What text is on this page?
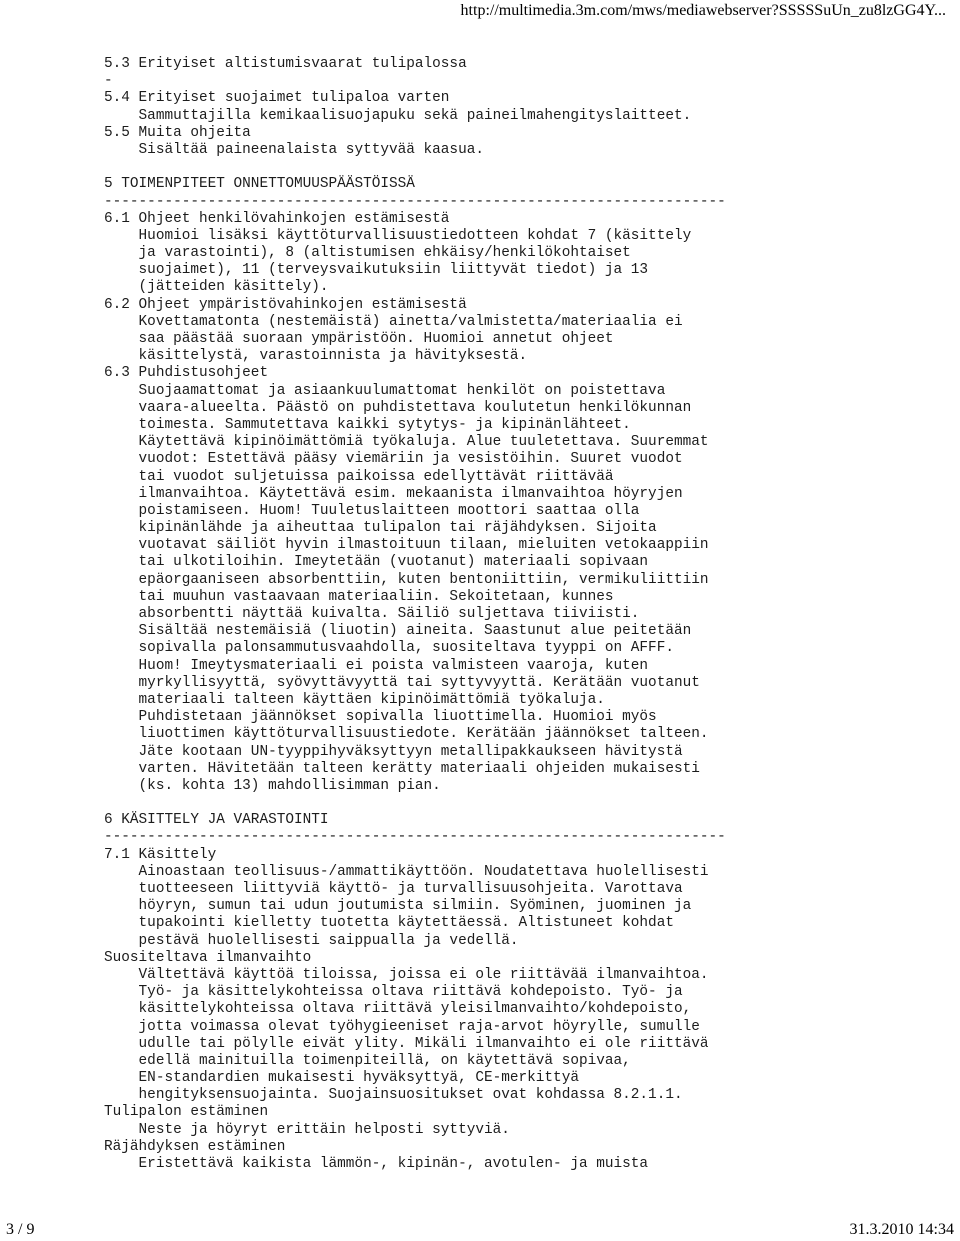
http://multimedia.3m.com/mws/mediawebserver?SSSSSuUn_zu8lzGG4Y...
5.3 Erityiset altistumisvaarat tulipalossa
-
5.4 Erityiset suojaimet tulipaloa varten
Sammuttajilla kemikaalisuojapuku sekä paineilmahengityslaitteet.
5.5 Muita ohjeita
Sisältää paineenalaista syttyvää kaasua.

5 TOIMENPITEET ONNETTOMUUSPÄÄSTÖISSÄ
------------------------------------------------------------------------
6.1 Ohjeet henkilövahinkojen estämisestä
Huomioi lisäksi käyttöturvallisuustiedotteen kohdat 7 (käsittely
ja varastointi), 8 (altistumisen ehkäisy/henkilökohtaiset
suojaimet), 11 (terveysvaikutuksiin liittyvät tiedot) ja 13
(jätteiden käsittely).
6.2 Ohjeet ympäristövahinkojen estämisestä
Kovettamatonta (nestemäistä) ainetta/valmistetta/materiaalia ei
saa päästää suoraan ympäristöön. Huomioi annetut ohjeet
käsittelystä, varastoinnista ja hävityksestä.
6.3 Puhdistusohjeet
Suojaamattomat ja asiaankuulumattomat henkilöt on poistettava
vaara-alueelta. Päästö on puhdistettava koulutetun henkilökunnan
toimesta. Sammutettava kaikki sytytys- ja kipinänlähteet.
Käytettävä kipinöimättömiä työkaluja. Alue tuuletettava. Suuremmat
vuodot: Estettävä pääsy viemäriin ja vesistöihin. Suuret vuodot
tai vuodot suljetuissa paikoissa edellyttävät riittävää
ilmanvaihtoa. Käytettävä esim. mekaanista ilmanvaihtoa höyryjen
poistamiseen. Huom! Tuuletuslaitteen moottori saattaa olla
kipinänlähde ja aiheuttaa tulipalon tai räjähdyksen. Sijoita
vuotavat säiliöt hyvin ilmastoituun tilaan, mieluiten vetokaappiin
tai ulkotiloihin. Imeytetään (vuotanut) materiaali sopivaan
epäorgaaniseen absorbenttiin, kuten bentoniittiin, vermikuliittiin
tai muuhun vastaavaan materiaaliin. Sekoitetaan, kunnes
absorbentti näyttää kuivalta. Säiliö suljettava tiiviisti.
Sisältää nestemäisiä (liuotin) aineita. Saastunut alue peitetään
sopivalla palonsammutusvaahdolla, suositeltava tyyppi on AFFF.
Huom! Imeytysmateriaali ei poista valmisteen vaaroja, kuten
myrkyllisyyttä, syövyttävyyttä tai syttyvyyttä. Kerätään vuotanut
materiaali talteen käyttäen kipinöimättömiä työkaluja.
Puhdistetaan jäännökset sopivalla liuottimella. Huomioi myös
liuottimen käyttöturvallisuustiedote. Kerätään jäännökset talteen.
Jäte kootaan UN-tyyppihyväksyttyyn metallipakkaukseen hävitystä
varten. Hävitetään talteen kerätty materiaali ohjeiden mukaisesti
(ks. kohta 13) mahdollisimman pian.

6 KÄSITTELY JA VARASTOINTI
------------------------------------------------------------------------
7.1 Käsittely
Ainoastaan teollisuus-/ammattikäyttöön. Noudatettava huolellisesti
tuotteeseen liittyviä käyttö- ja turvallisuusohjeita. Varottava
höyryn, sumun tai udun joutumista silmiin. Syöminen, juominen ja
tupakointi kielletty tuotetta käytettäessä. Altistuneet kohdat
pestävä huolellisesti saippualla ja vedellä.
Suositeltava ilmanvaihto
Vältettävä käyttöä tiloissa, joissa ei ole riittävää ilmanvaihtoa.
Työ- ja käsittelykohteissa oltava riittävä kohdepoisto. Työ- ja
käsittelykohteissa oltava riittävä yleisilmanvaihto/kohdepoisto,
jotta voimassa olevat työhygieeniset raja-arvot höyrylle, sumulle
udulle tai pölylle eivät ylity. Mikäli ilmanvaihto ei ole riittävä
edellä mainituilla toimenpiteillä, on käytettävä sopivaa,
EN-standardien mukaisesti hyväksyttyä, CE-merkittyä
hengityksensuojainta. Suojainsuositukset ovat kohdassa 8.2.1.1.
Tulipalon estäminen
Neste ja höyryt erittäin helposti syttyviä.
Räjähdyksen estäminen
Eristettävä kaikista lämmön-, kipinän-, avotulen- ja muista
3 / 9	31.3.2010 14:34
